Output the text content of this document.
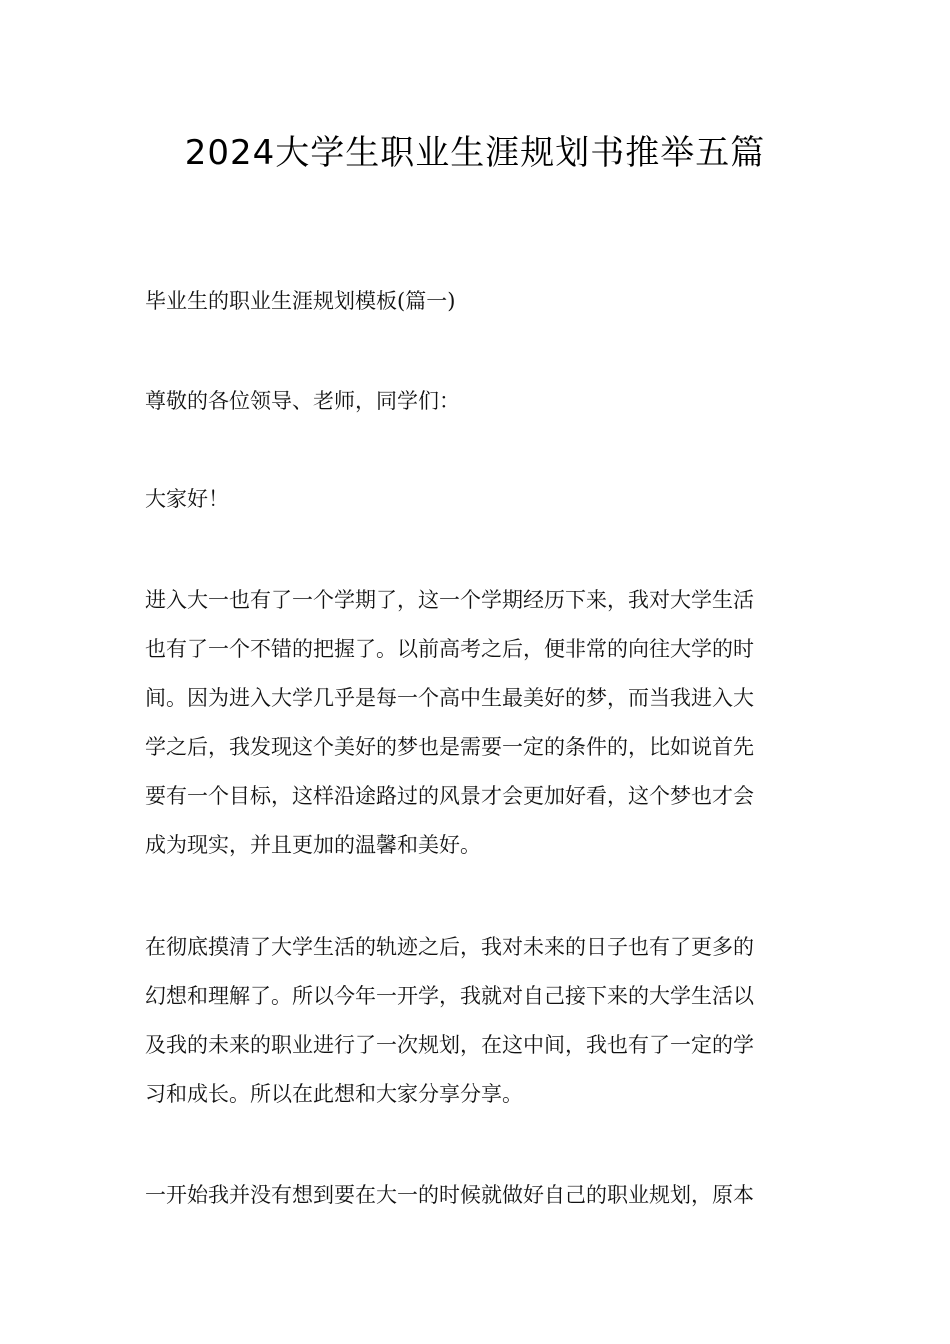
2024大学生职业生涯规划书推举五篇
毕业生的职业生涯规划模板(篇一)
尊敬的各位领导、老师，同学们：
大家好！
进入大一也有了一个学期了，这一个学期经历下来，我对大学生活
也有了一个不错的把握了。以前高考之后，便非常的向往大学的时
间。因为进入大学几乎是每一个高中生最美好的梦，而当我进入大
学之后，我发现这个美好的梦也是需要一定的条件的，比如说首先
要有一个目标，这样沿途路过的风景才会更加好看，这个梦也才会
成为现实，并且更加的温馨和美好。
在彻底摸清了大学生活的轨迹之后，我对未来的日子也有了更多的
幻想和理解了。所以今年一开学，我就对自己接下来的大学生活以
及我的未来的职业进行了一次规划，在这中间，我也有了一定的学
习和成长。所以在此想和大家分享分享。
一开始我并没有想到要在大一的时候就做好自己的职业规划，原本
